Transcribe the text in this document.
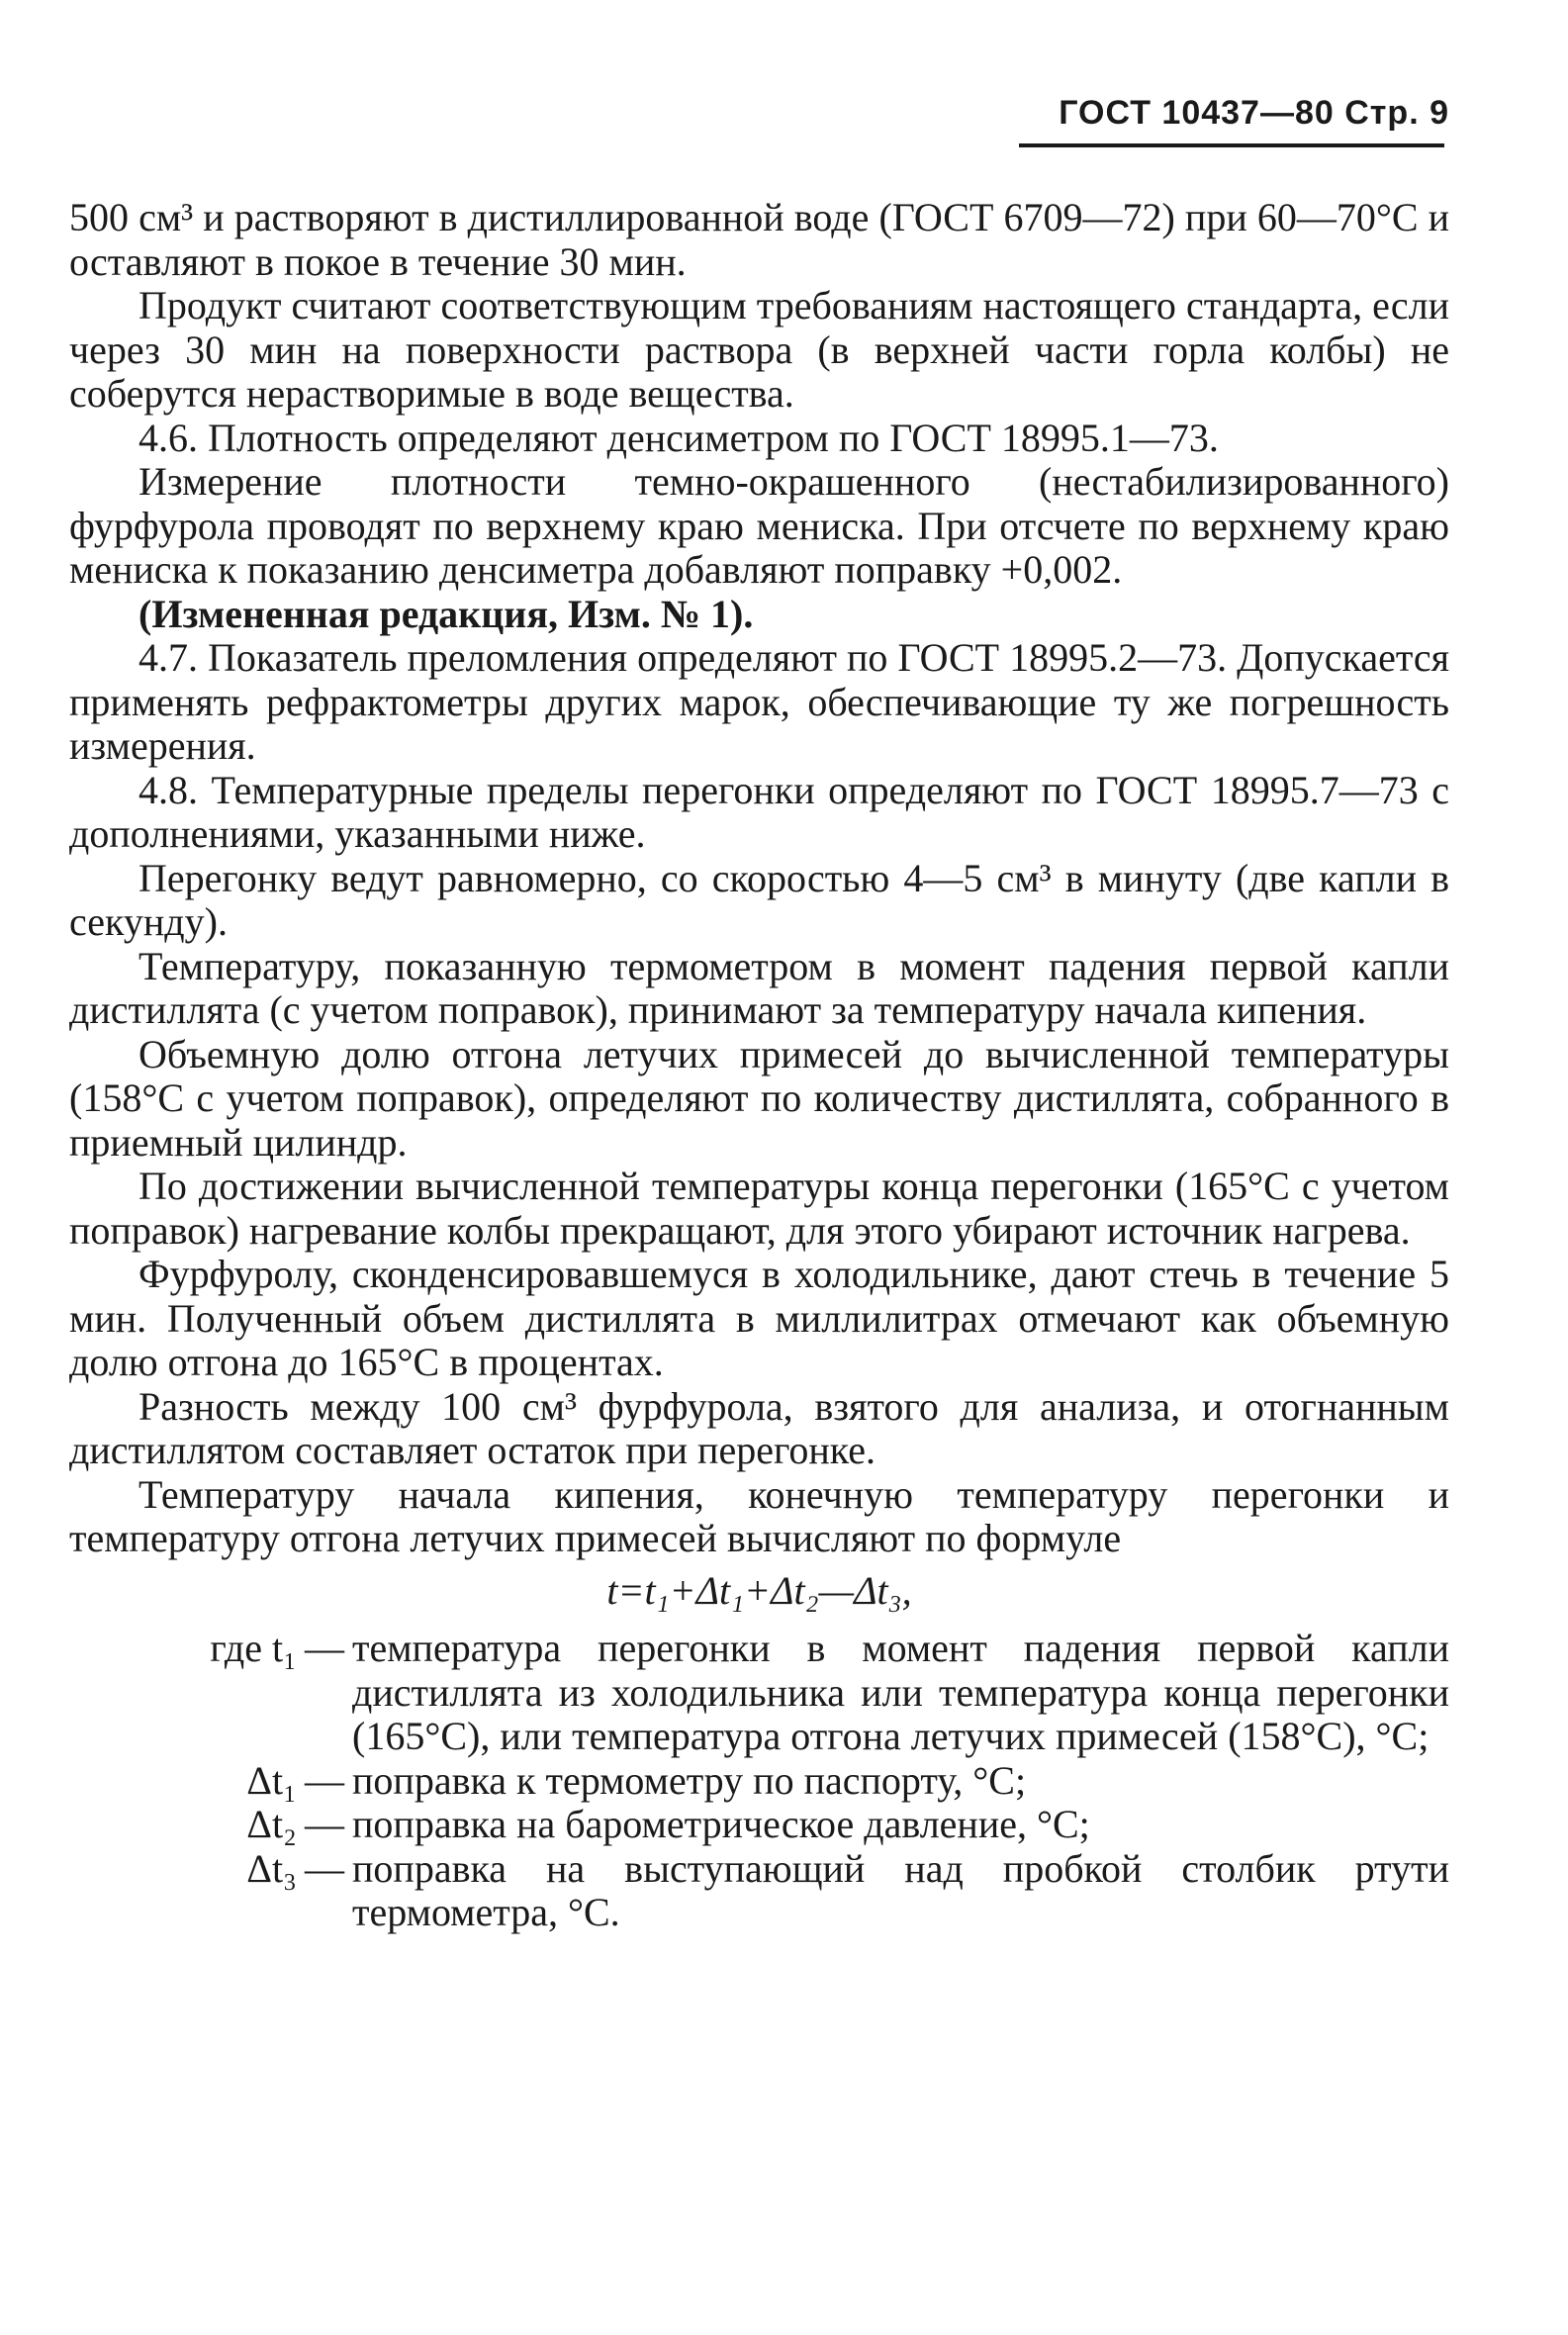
ГОСТ 10437—80 Стр. 9

500 см³ и растворяют в дистиллированной воде (ГОСТ 6709—72) при 60—70°С и оставляют в покое в течение 30 мин.

Продукт считают соответствующим требованиям настоящего стандарта, если через 30 мин на поверхности раствора (в верхней части горла колбы) не соберутся нерастворимые в воде вещества.

4.6. Плотность определяют денсиметром по ГОСТ 18995.1—73.

Измерение плотности темно-окрашенного (нестабилизированного) фурфурола проводят по верхнему краю мениска. При отсчете по верхнему краю мениска к показанию денсиметра добавляют поправку +0,002.

(Измененная редакция, Изм. № 1).

4.7. Показатель преломления определяют по ГОСТ 18995.2—73. Допускается применять рефрактометры других марок, обеспечивающие ту же погрешность измерения.

4.8. Температурные пределы перегонки определяют по ГОСТ 18995.7—73 с дополнениями, указанными ниже.

Перегонку ведут равномерно, со скоростью 4—5 см³ в минуту (две капли в секунду).

Температуру, показанную термометром в момент падения первой капли дистиллята (с учетом поправок), принимают за температуру начала кипения.

Объемную долю отгона летучих примесей до вычисленной температуры (158°С с учетом поправок), определяют по количеству дистиллята, собранного в приемный цилиндр.

По достижении вычисленной температуры конца перегонки (165°С с учетом поправок) нагревание колбы прекращают, для этого убирают источник нагрева.

Фурфуролу, сконденсировавшемуся в холодильнике, дают стечь в течение 5 мин. Полученный объем дистиллята в миллилитрах отмечают как объемную долю отгона до 165°С в процентах.

Разность между 100 см³ фурфурола, взятого для анализа, и отогнанным дистиллятом составляет остаток при перегонке.

Температуру начала кипения, конечную температуру перегонки и температуру отгона летучих примесей вычисляют по формуле

t=t₁+Δt₁+Δt₂—Δt₃,
где t₁ — температура перегонки в момент падения первой капли дистиллята из холодильника или температура конца перегонки (165°С), или температура отгона летучих примесей (158°С), °С;
Δt₁ — поправка к термометру по паспорту, °С;
Δt₂ — поправка на барометрическое давление, °С;
Δt₃ — поправка на выступающий над пробкой столбик ртути термометра, °С.
